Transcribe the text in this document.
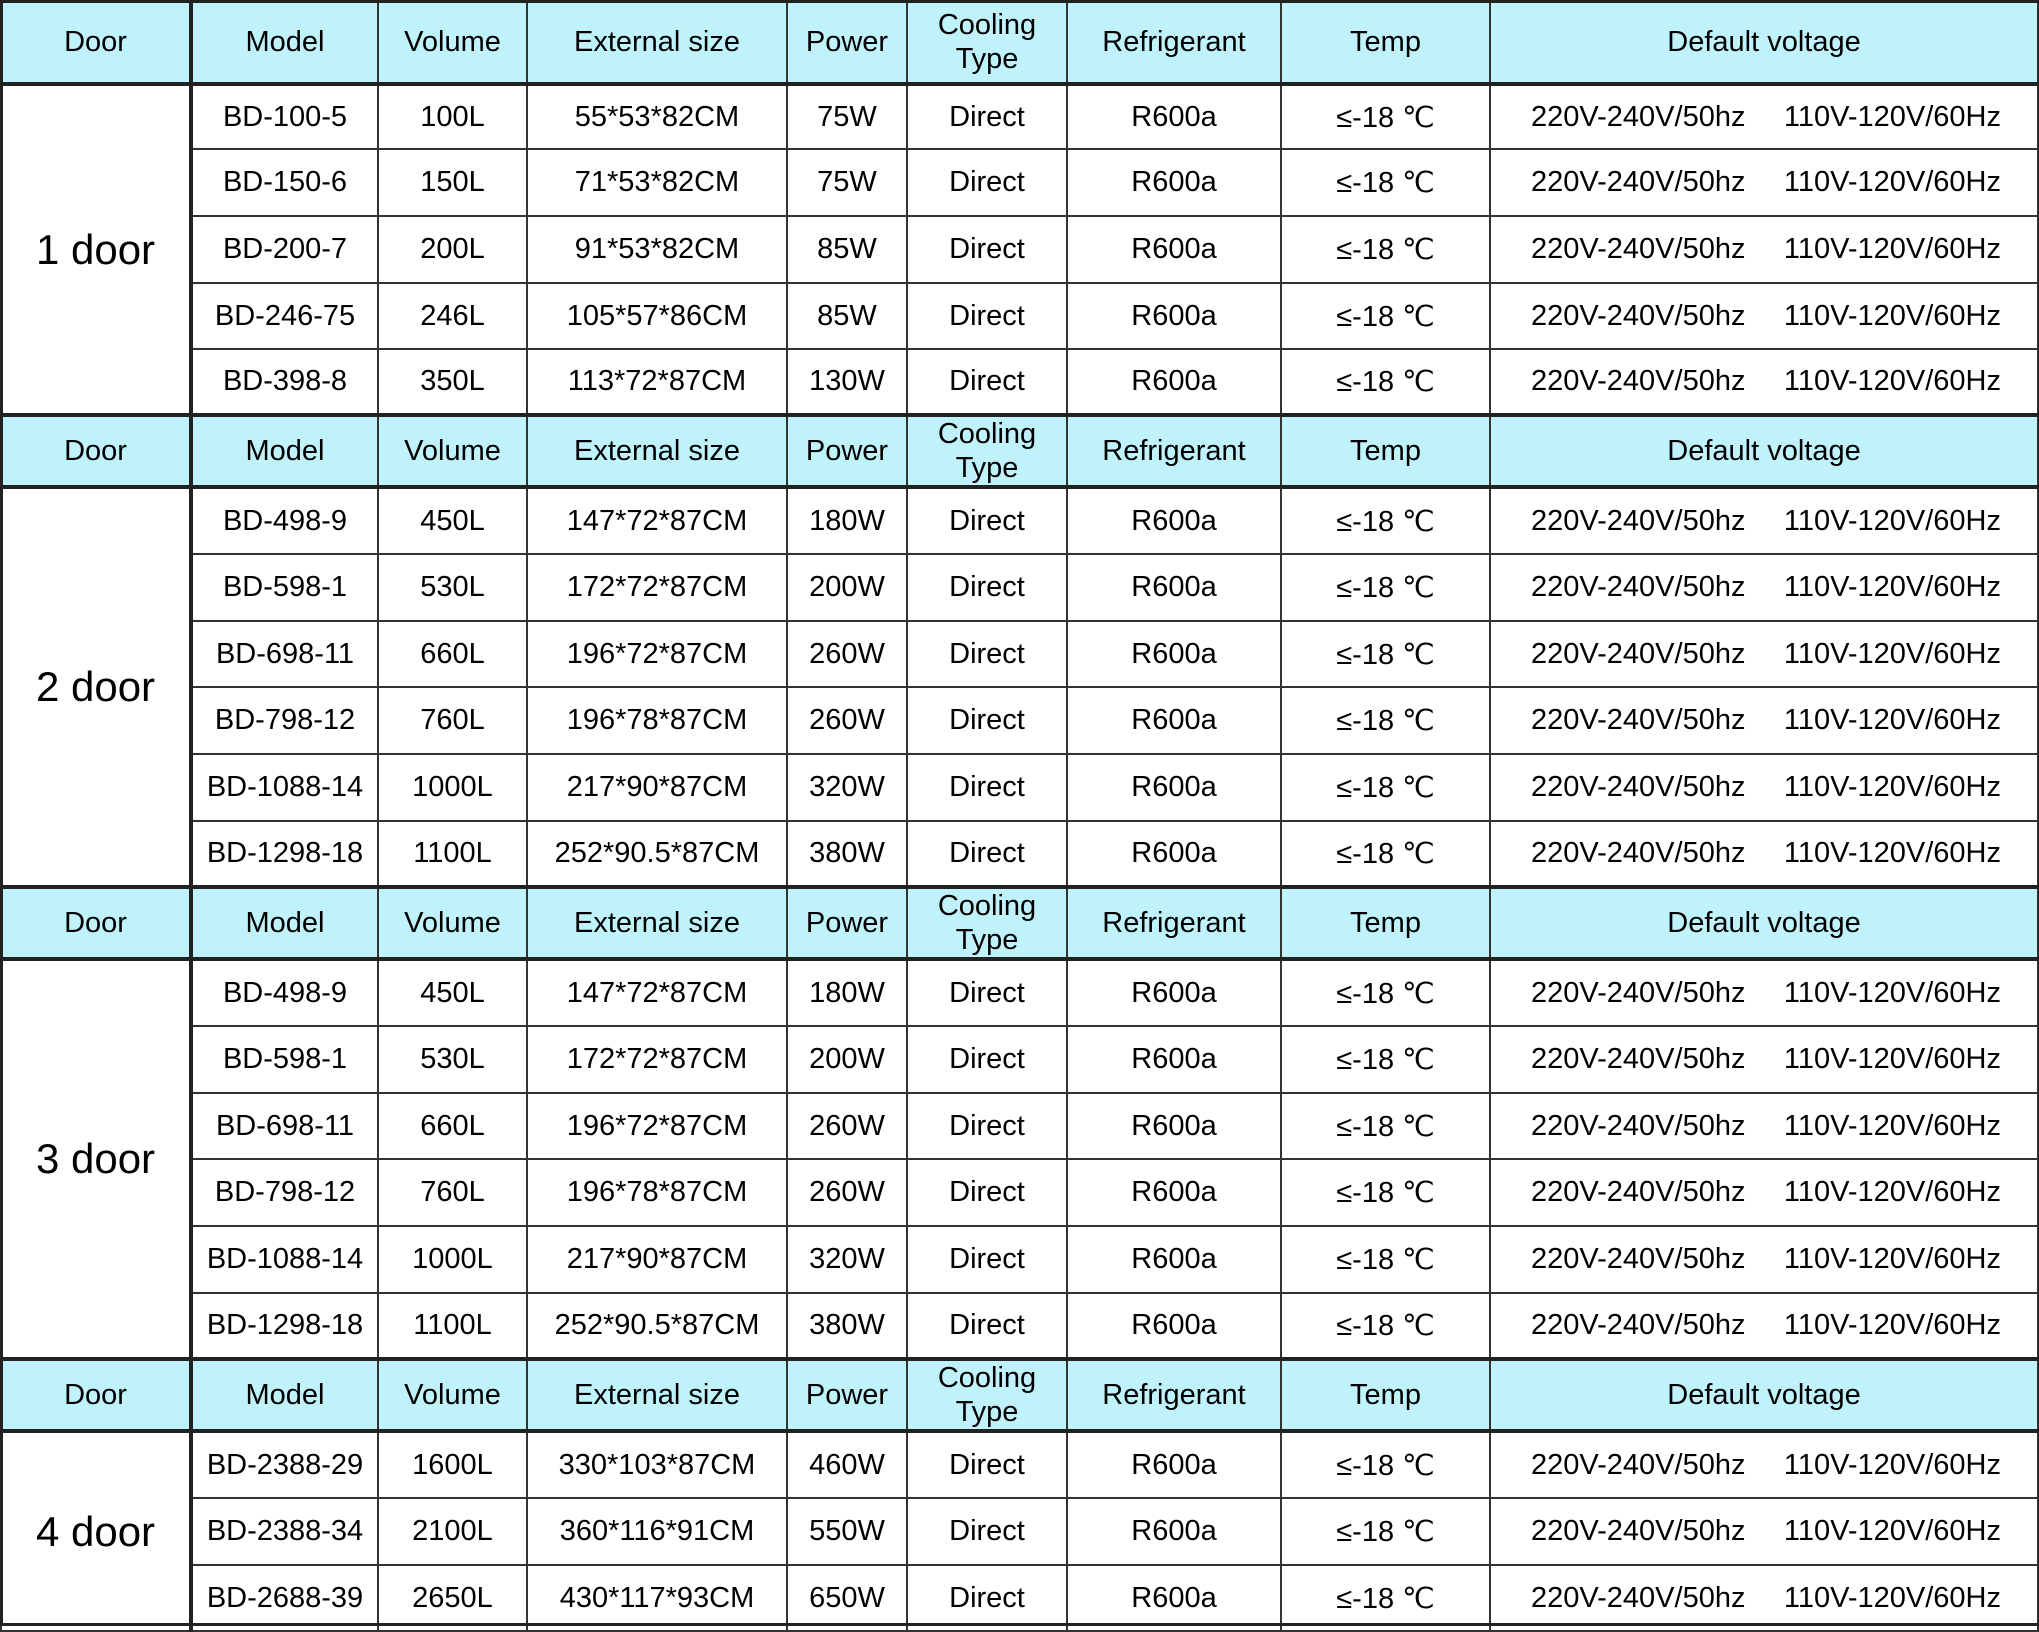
Door	Model	Volume	External size	Power	Cooling Type	Refrigerant	Temp	Default voltage
1 door	BD-100-5	100L	55*53*82CM	75W	Direct	R600a	≤-18 ℃	220V-240V/50hz 110V-120V/60Hz

	BD-150-6	150L	71*53*82CM	75W	Direct	R600a	≤-18 ℃	220V-240V/50hz 110V-120V/60Hz

	BD-200-7	200L	91*53*82CM	85W	Direct	R600a	≤-18 ℃	220V-240V/50hz 110V-120V/60Hz

	BD-246-75	246L	105*57*86CM	85W	Direct	R600a	≤-18 ℃	220V-240V/50hz 110V-120V/60Hz

	BD-398-8	350L	113*72*87CM	130W	Direct	R600a	≤-18 ℃	220V-240V/50hz 110V-120V/60Hz

Door	Model	Volume	External size	Power	Cooling Type	Refrigerant	Temp	Default voltage
2 door	BD-498-9	450L	147*72*87CM	180W	Direct	R600a	≤-18 ℃	220V-240V/50hz 110V-120V/60Hz

	BD-598-1	530L	172*72*87CM	200W	Direct	R600a	≤-18 ℃	220V-240V/50hz 110V-120V/60Hz

	BD-698-11	660L	196*72*87CM	260W	Direct	R600a	≤-18 ℃	220V-240V/50hz 110V-120V/60Hz

	BD-798-12	760L	196*78*87CM	260W	Direct	R600a	≤-18 ℃	220V-240V/50hz 110V-120V/60Hz

	BD-1088-14	1000L	217*90*87CM	320W	Direct	R600a	≤-18 ℃	220V-240V/50hz 110V-120V/60Hz

	BD-1298-18	1100L	252*90.5*87CM	380W	Direct	R600a	≤-18 ℃	220V-240V/50hz 110V-120V/60Hz

Door	Model	Volume	External size	Power	Cooling Type	Refrigerant	Temp	Default voltage
3 door	BD-498-9	450L	147*72*87CM	180W	Direct	R600a	≤-18 ℃	220V-240V/50hz 110V-120V/60Hz

	BD-598-1	530L	172*72*87CM	200W	Direct	R600a	≤-18 ℃	220V-240V/50hz 110V-120V/60Hz

	BD-698-11	660L	196*72*87CM	260W	Direct	R600a	≤-18 ℃	220V-240V/50hz 110V-120V/60Hz

	BD-798-12	760L	196*78*87CM	260W	Direct	R600a	≤-18 ℃	220V-240V/50hz 110V-120V/60Hz

	BD-1088-14	1000L	217*90*87CM	320W	Direct	R600a	≤-18 ℃	220V-240V/50hz 110V-120V/60Hz

	BD-1298-18	1100L	252*90.5*87CM	380W	Direct	R600a	≤-18 ℃	220V-240V/50hz 110V-120V/60Hz

Door	Model	Volume	External size	Power	Cooling Type	Refrigerant	Temp	Default voltage
4 door	BD-2388-29	1600L	330*103*87CM	460W	Direct	R600a	≤-18 ℃	220V-240V/50hz 110V-120V/60Hz

	BD-2388-34	2100L	360*116*91CM	550W	Direct	R600a	≤-18 ℃	220V-240V/50hz 110V-120V/60Hz

	BD-2688-39	2650L	430*117*93CM	650W	Direct	R600a	≤-18 ℃	220V-240V/50hz 110V-120V/60Hz
